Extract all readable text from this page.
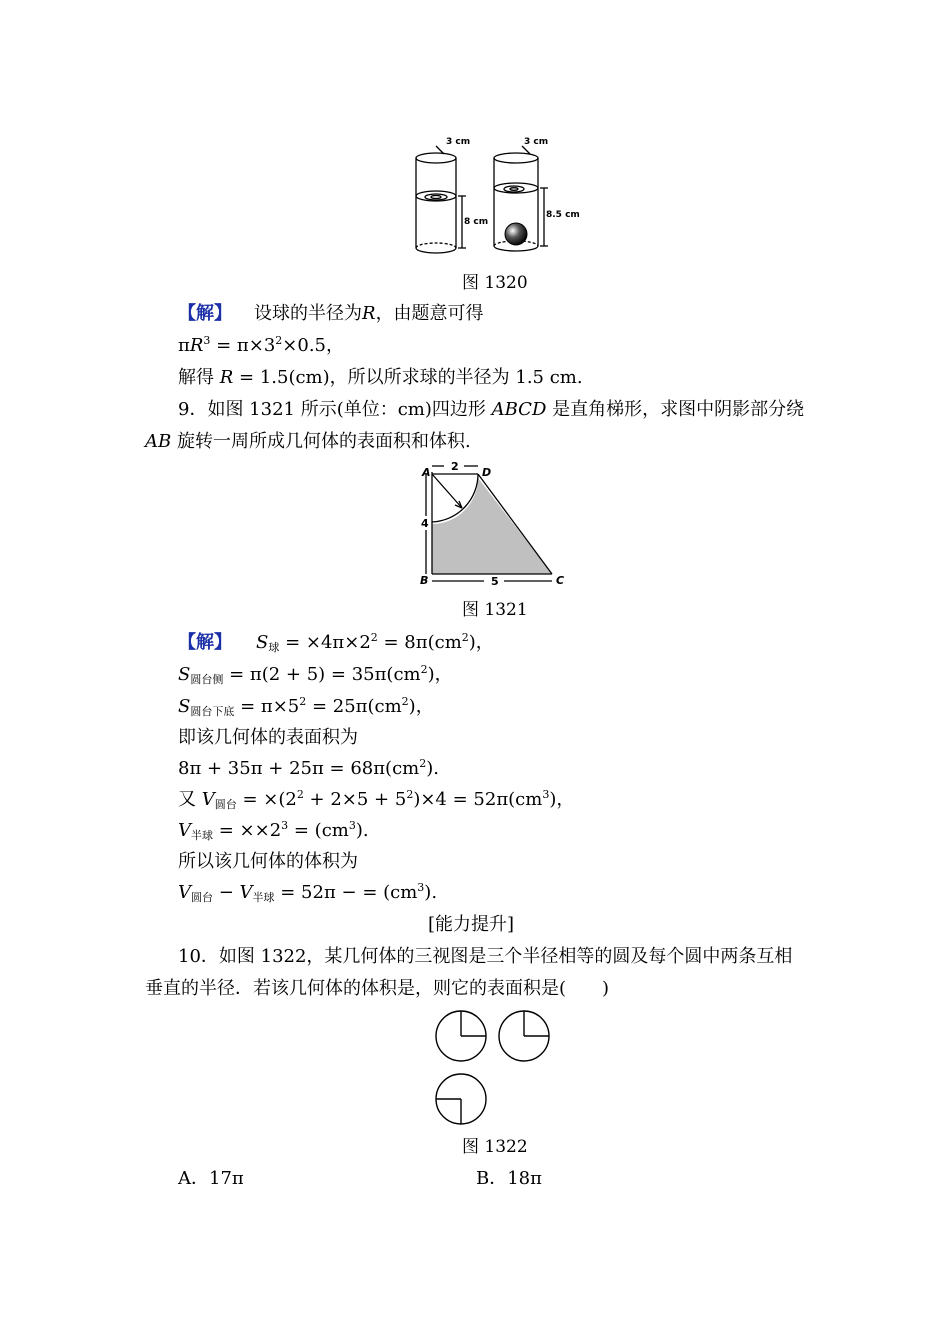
3 cm
8 cm
3 cm
8.5 cm
图 1320
【解】 设球的半径为R，由题意可得
$\pi R^3 = \pi\times 3^2\times 0.5$，
解得 R = 1.5(cm)，所以所求球的半径为 1.5 cm.
9．如图 1321 所示(单位：cm)四边形 ABCD 是直角梯形，求图中阴影部分绕
AB 旋转一周所成几何体的表面积和体积.
A	D
B	C
2
4
5
图 1321
【解】 $S_球 = \times 4\pi\times 2^2 = 8\pi(cm^2)$，
$S_{圆台侧} = \pi(2 + 5) = 35\pi(cm^2)$，
$S_{圆台下底} = \pi\times 5^2 = 25\pi(cm^2)$，
即该几何体的表面积为
$8\pi + 35\pi + 25\pi = 68\pi(cm^2)$.
又 $V_{圆台} = \times(2^2 + 2\times 5 + 5^2)\times 4 = 52\pi(cm^3)$，
$V_{半球} = \times\times 2^3 = (cm^3)$.
所以该几何体的体积为
$V_{圆台} - V_{半球} = 52\pi$ − = $(cm^3)$.
[能力提升]
10．如图 1322，某几何体的三视图是三个半径相等的圆及每个圆中两条互相
垂直的半径．若该几何体的体积是，则它的表面积是(　　)
图 1322
A．17π	B．18π
